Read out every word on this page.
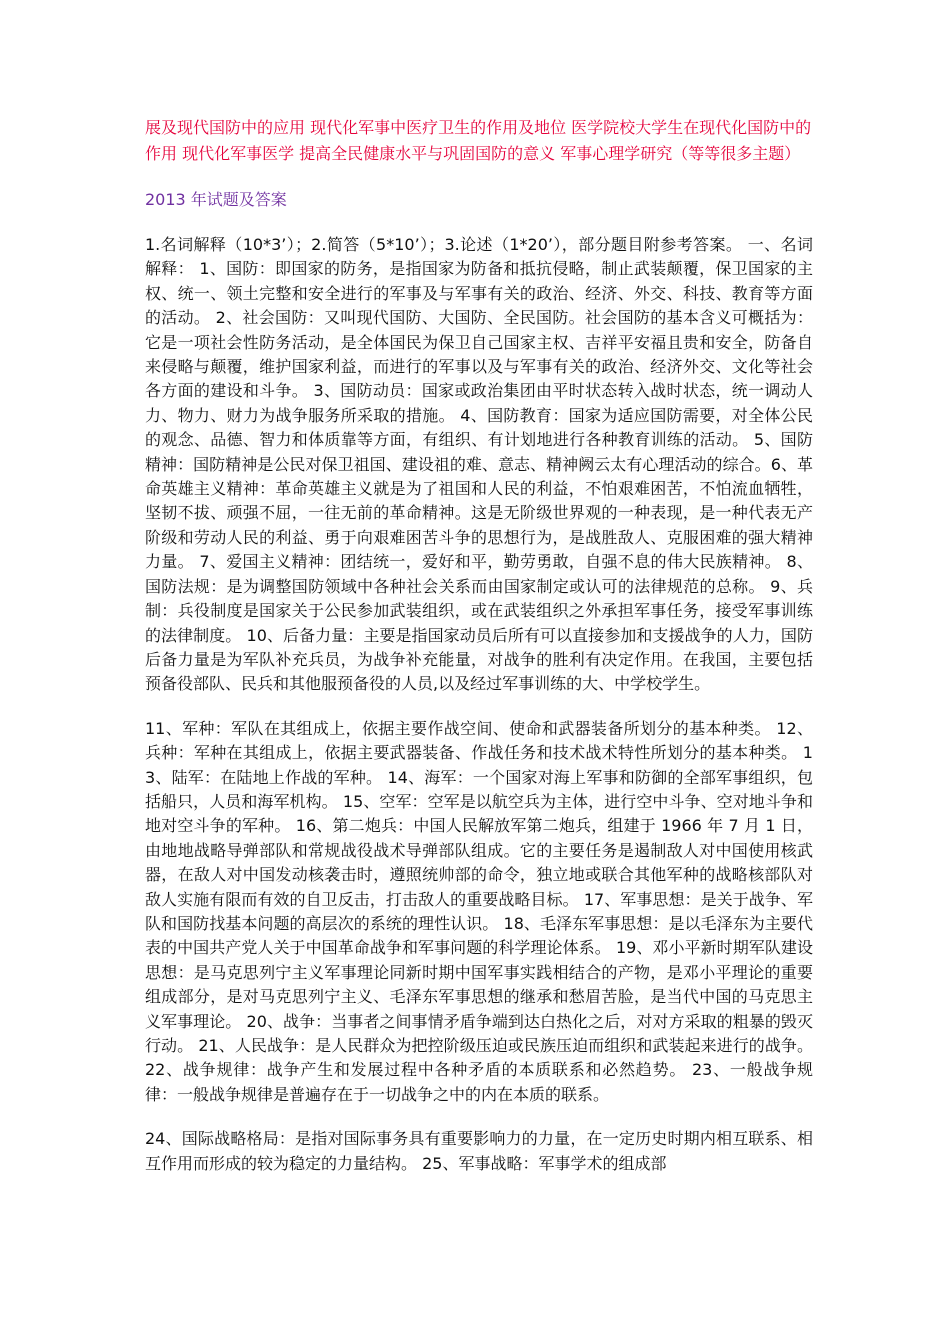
展及现代国防中的应用 现代化军事中医疗卫生的作用及地位 医学院校大学生在现代化国防中的作用 现代化军事医学 提高全民健康水平与巩固国防的意义 军事心理学研究（等等很多主题）

2013 年试题及答案

1.名词解释（10*3’）；2.简答（5*10’）；3.论述（1*20’），部分题目附参考答案。 一、名词解释： 1、国防：即国家的防务，是指国家为防备和抵抗侵略，制止武装颠覆，保卫国家的主权、统一、领土完整和安全进行的军事及与军事有关的政治、经济、外交、科技、教育等方面的活动。 2、社会国防：又叫现代国防、大国防、全民国防。社会国防的基本含义可概括为：它是一项社会性防务活动，是全体国民为保卫自己国家主权、吉祥平安福且贵和安全，防备自来侵略与颠覆，维护国家利益，而进行的军事以及与军事有关的政治、经济外交、文化等社会各方面的建设和斗争。 3、国防动员：国家或政治集团由平时状态转入战时状态，统一调动人力、物力、财力为战争服务所采取的措施。 4、国防教育：国家为适应国防需要，对全体公民的观念、品德、智力和体质靠等方面，有组织、有计划地进行各种教育训练的活动。 5、国防精神：国防精神是公民对保卫祖国、建设祖的难、意志、精神阙云太有心理活动的综合。6、革命英雄主义精神：革命英雄主义就是为了祖国和人民的利益，不怕艰难困苦，不怕流血牺牲，坚韧不拔、顽强不屈，一往无前的革命精神。这是无阶级世界观的一种表现，是一种代表无产阶级和劳动人民的利益、勇于向艰难困苦斗争的思想行为，是战胜敌人、克服困难的强大精神力量。 7、爱国主义精神：团结统一，爱好和平，勤劳勇敢，自强不息的伟大民族精神。 8、国防法规：是为调整国防领域中各种社会关系而由国家制定或认可的法律规范的总称。 9、兵制：兵役制度是国家关于公民参加武装组织，或在武装组织之外承担军事任务，接受军事训练的法律制度。 10、后备力量：主要是指国家动员后所有可以直接参加和支援战争的人力，国防后备力量是为军队补充兵员，为战争补充能量，对战争的胜利有决定作用。在我国，主要包括预备役部队、民兵和其他服预备役的人员,以及经过军事训练的大、中学校学生。

11、军种：军队在其组成上，依据主要作战空间、使命和武器装备所划分的基本种类。 12、兵种：军种在其组成上，依据主要武器装备、作战任务和技术战术特性所划分的基本种类。 13、陆军：在陆地上作战的军种。 14、海军：一个国家对海上军事和防御的全部军事组织，包括船只，人员和海军机构。 15、空军：空军是以航空兵为主体，进行空中斗争、空对地斗争和地对空斗争的军种。 16、第二炮兵：中国人民解放军第二炮兵，组建于 1966 年 7 月 1 日，由地地战略导弹部队和常规战役战术导弹部队组成。它的主要任务是遏制敌人对中国使用核武器，在敌人对中国发动核袭击时，遵照统帅部的命令，独立地或联合其他军种的战略核部队对敌人实施有限而有效的自卫反击，打击敌人的重要战略目标。 17、军事思想：是关于战争、军队和国防找基本问题的高层次的系统的理性认识。 18、毛泽东军事思想：是以毛泽东为主要代表的中国共产党人关于中国革命战争和军事问题的科学理论体系。 19、邓小平新时期军队建设思想：是马克思列宁主义军事理论同新时期中国军事实践相结合的产物，是邓小平理论的重要组成部分，是对马克思列宁主义、毛泽东军事思想的继承和愁眉苦脸，是当代中国的马克思主义军事理论。 20、战争：当事者之间事情矛盾争端到达白热化之后，对对方采取的粗暴的毁灭行动。 21、人民战争：是人民群众为把控阶级压迫或民族压迫而组织和武装起来进行的战争。 22、战争规律：战争产生和发展过程中各种矛盾的本质联系和必然趋势。 23、一般战争规律：一般战争规律是普遍存在于一切战争之中的内在本质的联系。

24、国际战略格局：是指对国际事务具有重要影响力的力量，在一定历史时期内相互联系、相互作用而形成的较为稳定的力量结构。 25、军事战略：军事学术的组成部
